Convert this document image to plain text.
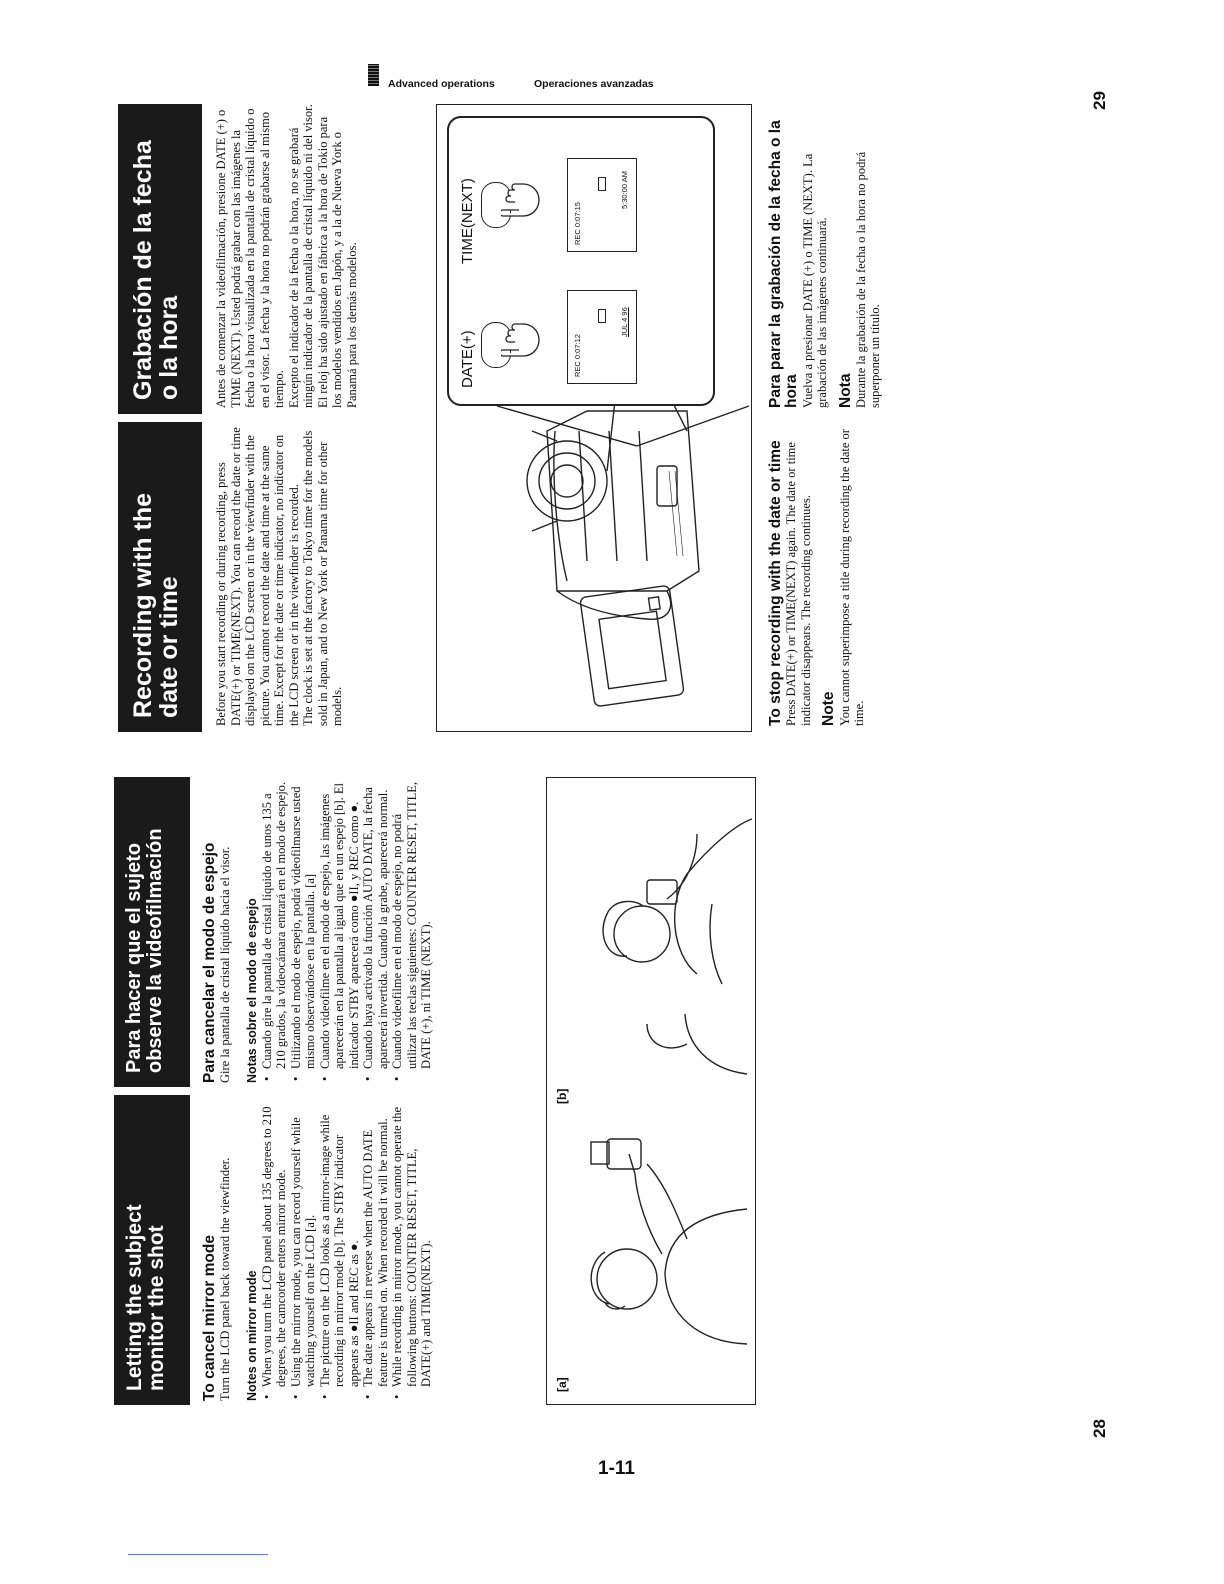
Advanced operations	Operaciones avanzadas
29
28
1-11
Letting the subject monitor the shot
Para hacer que el sujeto observe la videofilmación
To cancel mirror mode Turn the LCD panel back toward the viewfinder. Notes on mirror mode • When you turn the LCD panel about 135 degrees to 210 degrees, the camcorder enters mirror mode. • Using the mirror mode, you can record yourself while watching yourself on the LCD [a]. • The picture on the LCD looks as a mirror-image while recording in mirror mode [b]. The STBY indicator appears as ●II and REC as ●. • The date appears in reverse when the AUTO DATE feature is turned on. When recorded it will be normal. • While recording in mirror mode, you cannot operate the following buttons: COUNTER RESET, TITLE, DATE(+) and TIME(NEXT).
Para cancelar el modo de espejo Gire la pantalla de cristal líquido hacia el visor. Notas sobre el modo de espejo • Cuando gire la pantalla de cristal líquido de unos 135 a 210 grados, la videocámara entrará en el modo de espejo. • Utilizando el modo de espejo, podrá videofilmarse usted mismo observándose en la pantalla. [a] • Cuando videofilme en el modo de espejo, las imágenes aparecerán en la pantalla al igual que en un espejo [b]. El indicador STBY aparecerá como ●II, y REC como ●. • Cuando haya activado la función AUTO DATE, la fecha aparecerá invertida. Cuando la grabe, aparecerá normal. • Cuando videofilme en el modo de espejo, no podrá utilizar las teclas siguientes: COUNTER RESET, TITLE, DATE (+), ni TIME (NEXT).
[a]
[b]
Recording with the
date or time
Grabación de la fecha
o la hora
Before you start recording or during recording, press DATE(+) or TIME(NEXT). You can record the date or time displayed on the LCD screen or in the viewfinder with the picture. You cannot record the date and time at the same time. Except for the date or time indicator, no indicator on the LCD screen or in the viewfinder is recorded. The clock is set at the factory to Tokyo time for the models sold in Japan, and to New York or Panama time for other models.
Antes de comenzar la videofilmación, presione DATE (+) o TIME (NEXT). Usted podrá grabar con las imágenes la fecha o la hora visualizada en la pantalla de cristal líquido o en el visor. La fecha y la hora no podrán grabarse al mismo tiempo. Excepto el indicador de la fecha o la hora, no se grabará ningún indicador de la pantalla de cristal líquido ni del visor. El reloj ha sido ajustado en fábrica a la hora de Tokio para los modelos vendidos en Japón, y a la de Nueva York o Panamá para los demás modelos.	DATE(+)	REC 0:07:12
JUL 4 96
TIME(NEXT)	REC 0:07:15
5:30:00 AM
To stop recording with the date or time Press DATE(+) or TIME(NEXT) again. The date or time indicator disappears. The recording continues. Note You cannot superimpose a title during recording the date or time.
Para parar la grabación de la fecha o la hora Vuelva a presionar DATE (+) o TIME (NEXT). La grabación de las imágenes continuará. Nota Durante la grabación de la fecha o la hora no podrá superponer un título.
